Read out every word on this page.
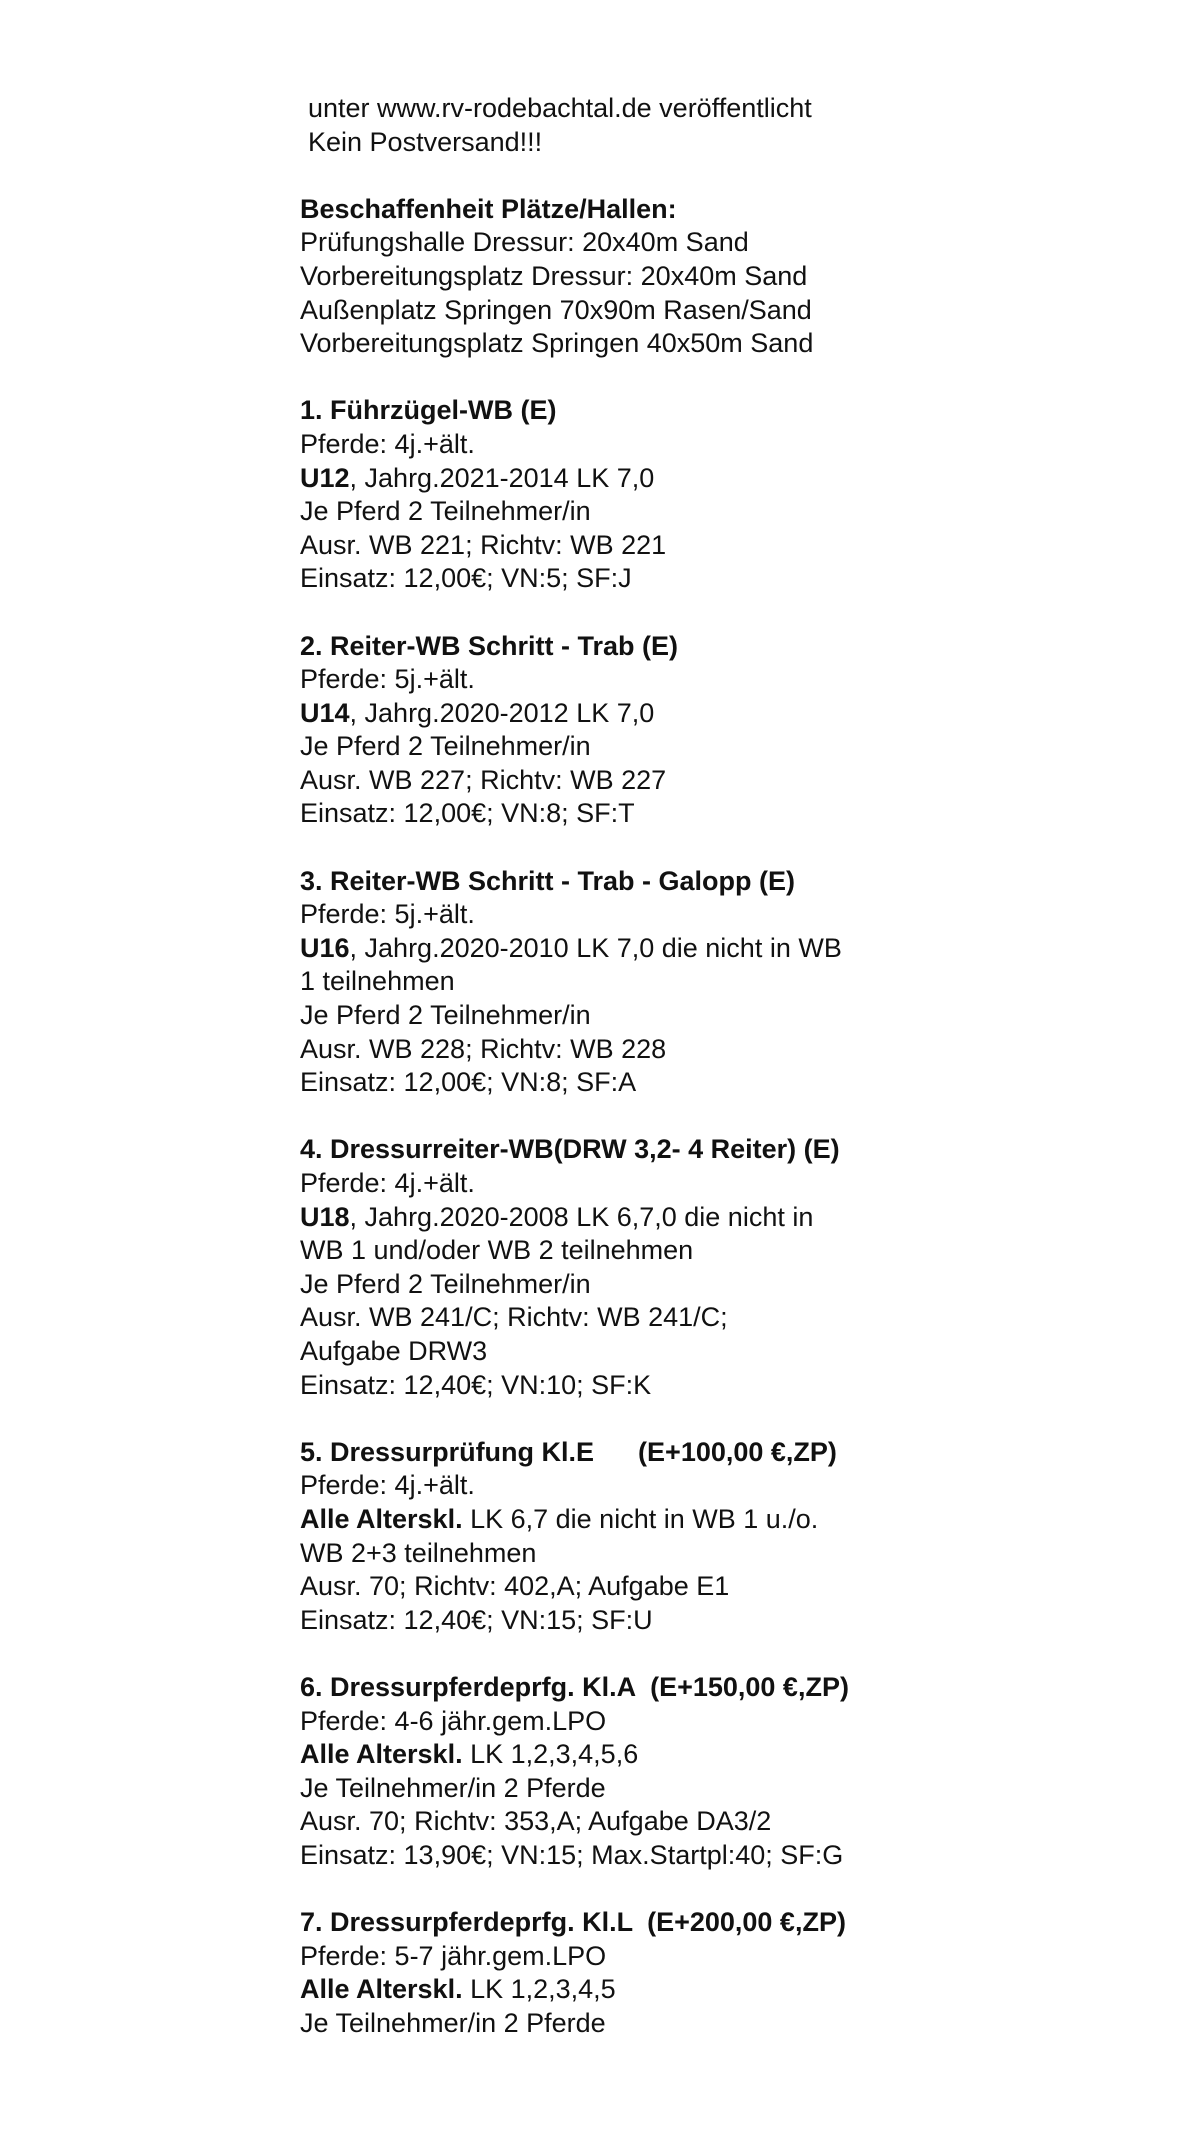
unter www.rv-rodebachtal.de veröffentlicht
Kein Postversand!!!
Beschaffenheit Plätze/Hallen:
Prüfungshalle Dressur: 20x40m Sand
Vorbereitungsplatz Dressur: 20x40m Sand
Außenplatz Springen 70x90m Rasen/Sand
Vorbereitungsplatz Springen 40x50m Sand
1. Führzügel-WB (E)
Pferde: 4j.+ält.
U12, Jahrg.2021-2014 LK 7,0
Je Pferd 2 Teilnehmer/in
Ausr. WB 221; Richtv: WB 221
Einsatz: 12,00€; VN:5; SF:J
2. Reiter-WB Schritt - Trab (E)
Pferde: 5j.+ält.
U14, Jahrg.2020-2012 LK 7,0
Je Pferd 2 Teilnehmer/in
Ausr. WB 227; Richtv: WB 227
Einsatz: 12,00€; VN:8; SF:T
3. Reiter-WB Schritt - Trab - Galopp (E)
Pferde: 5j.+ält.
U16, Jahrg.2020-2010 LK 7,0 die nicht in WB
1 teilnehmen
Je Pferd 2 Teilnehmer/in
Ausr. WB 228; Richtv: WB 228
Einsatz: 12,00€; VN:8; SF:A
4. Dressurreiter-WB(DRW 3,2- 4 Reiter) (E)
Pferde: 4j.+ält.
U18, Jahrg.2020-2008 LK 6,7,0 die nicht in
WB 1 und/oder WB 2 teilnehmen
Je Pferd 2 Teilnehmer/in
Ausr. WB 241/C; Richtv: WB 241/C;
Aufgabe DRW3
Einsatz: 12,40€; VN:10; SF:K
5. Dressurprüfung Kl.E (E+100,00 €,ZP)
Pferde: 4j.+ält.
Alle Alterskl. LK 6,7 die nicht in WB 1 u./o.
WB 2+3 teilnehmen
Ausr. 70; Richtv: 402,A; Aufgabe E1
Einsatz: 12,40€; VN:15; SF:U
6. Dressurpferdeprfg. Kl.A (E+150,00 €,ZP)
Pferde: 4-6 jähr.gem.LPO
Alle Alterskl. LK 1,2,3,4,5,6
Je Teilnehmer/in 2 Pferde
Ausr. 70; Richtv: 353,A; Aufgabe DA3/2
Einsatz: 13,90€; VN:15; Max.Startpl:40; SF:G
7. Dressurpferdeprfg. Kl.L (E+200,00 €,ZP)
Pferde: 5-7 jähr.gem.LPO
Alle Alterskl. LK 1,2,3,4,5
Je Teilnehmer/in 2 Pferde
